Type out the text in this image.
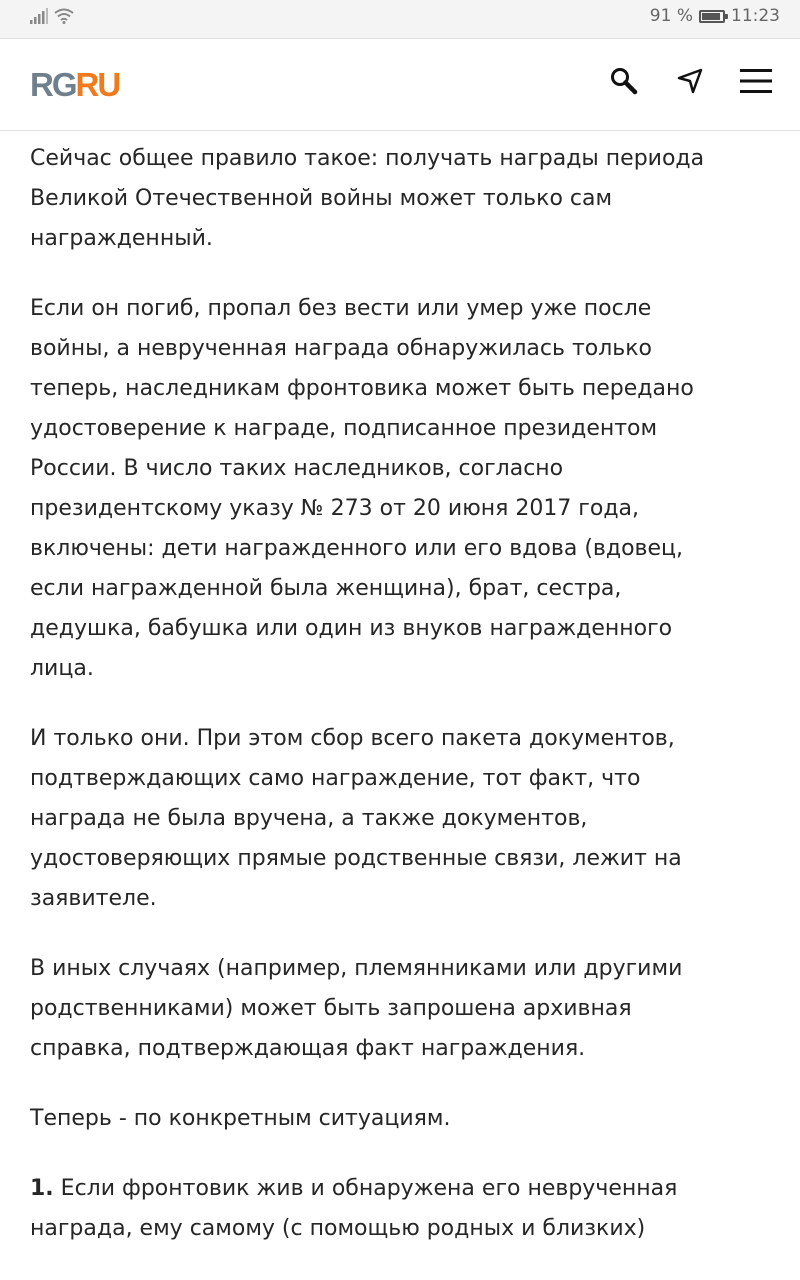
91 % 11:23
RGRU

Сейчас общее правило такое: получать награды периода Великой Отечественной войны может только сам награжденный.

Если он погиб, пропал без вести или умер уже после войны, а неврученная награда обнаружилась только теперь, наследникам фронтовика может быть передано удостоверение к награде, подписанное президентом России. В число таких наследников, согласно президентскому указу № 273 от 20 июня 2017 года, включены: дети награжденного или его вдова (вдовец, если награжденной была женщина), брат, сестра, дедушка, бабушка или один из внуков награжденного лица.

И только они. При этом сбор всего пакета документов, подтверждающих само награждение, тот факт, что награда не была вручена, а также документов, удостоверяющих прямые родственные связи, лежит на заявителе.

В иных случаях (например, племянниками или другими родственниками) может быть запрошена архивная справка, подтверждающая факт награждения.

Теперь - по конкретным ситуациям.

1. Если фронтовик жив и обнаружена его неврученная награда, ему самому (с помощью родных и близких)
